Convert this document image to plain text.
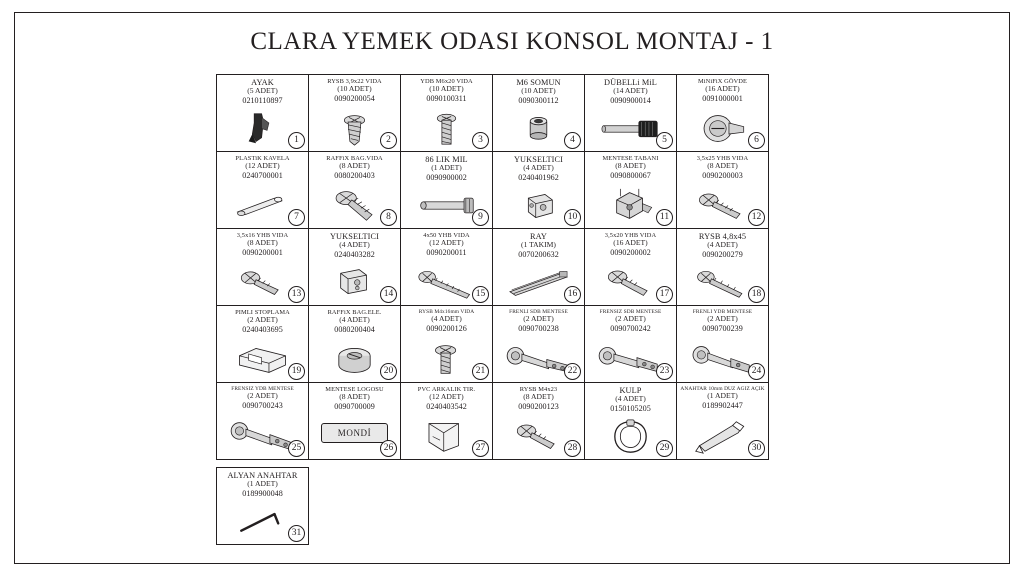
CLARA YEMEK ODASI KONSOL MONTAJ - 1
AYAK
(5 ADET)
0210110897
1
RYSB 3,9x22 VIDA
(10 ADET)
0090200054
2
YDB M6x20 VIDA
(10 ADET)
0090100311
3
M6 SOMUN
(10 ADET)
0090300112
4
DÜBELLi MiL
(14 ADET)
0090900014
5
MiNiFiX GÖVDE
(16 ADET)
0091000001
6
PLASTiK KAVELA
(12 ADET)
0240700001
7
RAFFiX BAG.VIDA
(8 ADET)
0080200403
8
86 LIK MIL
(1 ADET)
0090900002
9
YUKSELTICI
(4 ADET)
0240401962
10
MENTESE TABANI
(8 ADET)
0090800067
11
3,5x25 YHB VIDA
(8 ADET)
0090200003
12
3,5x16 YHB VIDA
(8 ADET)
0090200001
13
YUKSELTICI
(4 ADET)
0240403282
14
4x50 YHB VIDA
(12 ADET)
0090200011
15
RAY
(1 TAKIM)
0070200632
16
3,5x20 YHB VIDA
(16 ADET)
0090200002
17
RYSB 4,8x45
(4 ADET)
0090200279
18
PIMLI STOPLAMA
(2 ADET)
0240403695
19
RAFFiX BAG.ELE.
(4 ADET)
0080200404
20
RYSB M4x16mm VIDA
(4 ADET)
0090200126
21
FRENLI SDB MENTESE
(2 ADET)
0090700238
22
FRENSIZ SDB MENTESE
(2 ADET)
0090700242
23
FRENLI YDB MENTESE
(2 ADET)
0090700239
24
FRENSIZ YDB MENTESE
(2 ADET)
0090700243
25
MENTESE LOGOSU
(8 ADET)
0090700009
MONDİ
26
PVC ARKALIK TIR.
(12 ADET)
0240403542
27
RYSB M4x23
(8 ADET)
0090200123
28
KULP
(4 ADET)
0150105205
29
ANAHTAR 10mm DUZ AGIZ AÇIK
(1 ADET)
0189902447
30
ALYAN ANAHTAR
(1 ADET)
0189900048
31
